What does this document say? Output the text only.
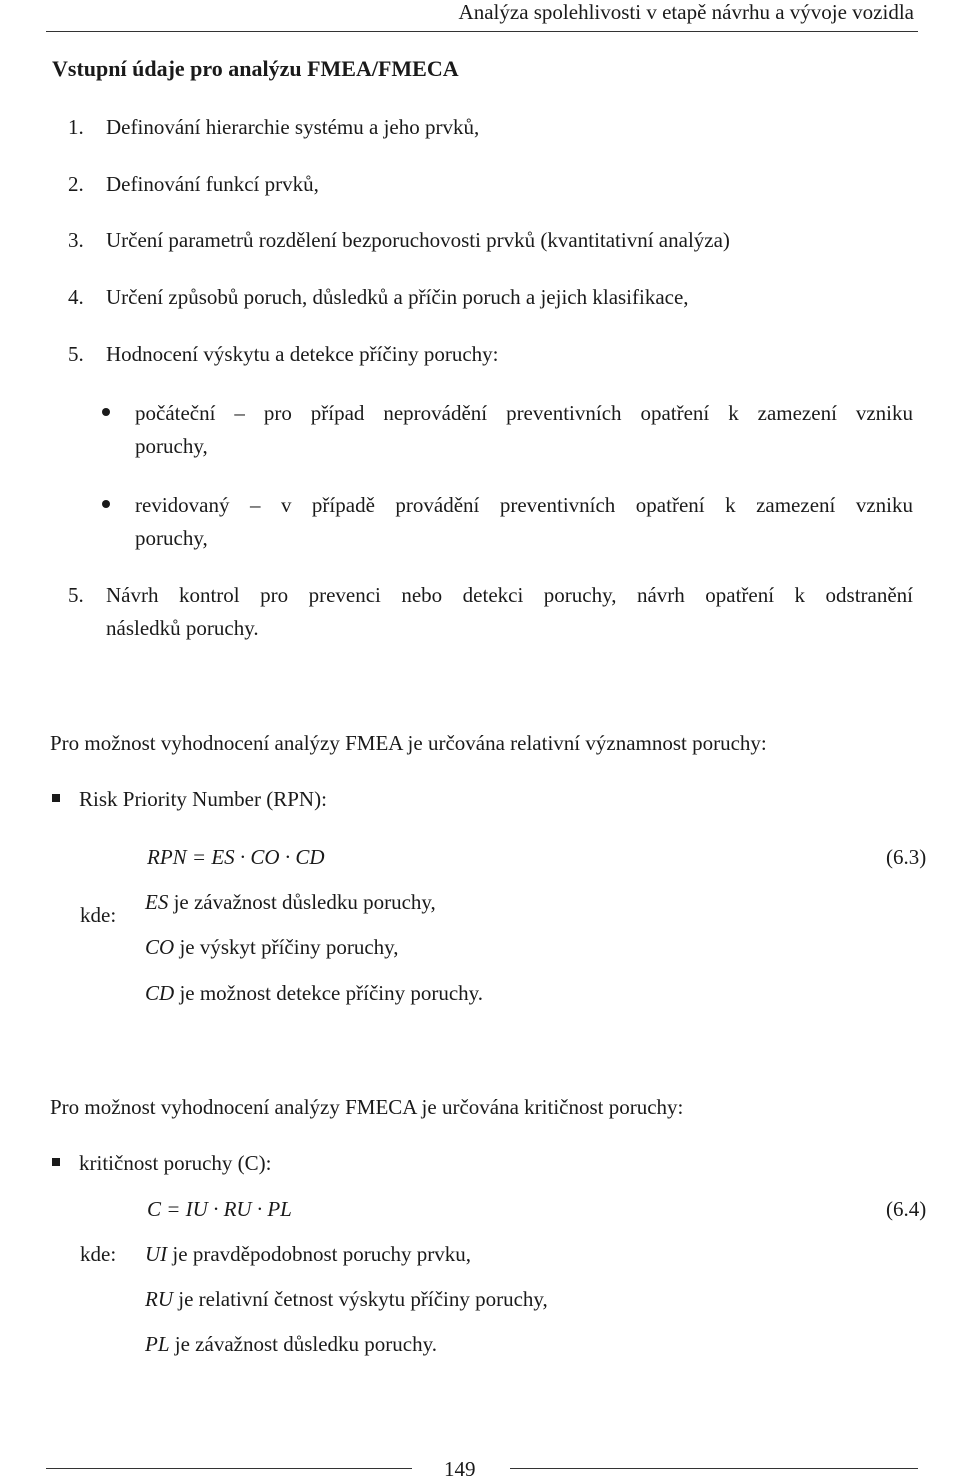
Analýza spolehlivosti v etapě návrhu a vývoje vozidla
Vstupní údaje pro analýzu FMEA/FMECA
1. Definování hierarchie systému a jeho prvků,
2. Definování funkcí prvků,
3. Určení parametrů rozdělení bezporuchovosti prvků (kvantitativní analýza)
4. Určení způsobů poruch, důsledků a příčin poruch a jejich klasifikace,
5. Hodnocení výskytu a detekce příčiny poruchy:
počáteční – pro případ neprovádění preventivních opatření k zamezení vzniku
poruchy,
revidovaný – v případě provádění preventivních opatření k zamezení vzniku
poruchy,
5. Návrh kontrol pro prevenci nebo detekci poruchy, návrh opatření k odstranění
následků poruchy.
Pro možnost vyhodnocení analýzy FMEA je určována relativní významnost poruchy:
Risk Priority Number (RPN):
RPN = ES · CO · CD	(6.3)
kde:
ES je závažnost důsledku poruchy,
CO je výskyt příčiny poruchy,
CD je možnost detekce příčiny poruchy.
Pro možnost vyhodnocení analýzy FMECA je určována kritičnost poruchy:
kritičnost poruchy (C):
C = IU · RU · PL	(6.4)
kde: UI je pravděpodobnost poruchy prvku,
RU je relativní četnost výskytu příčiny poruchy,
PL je závažnost důsledku poruchy.
149
